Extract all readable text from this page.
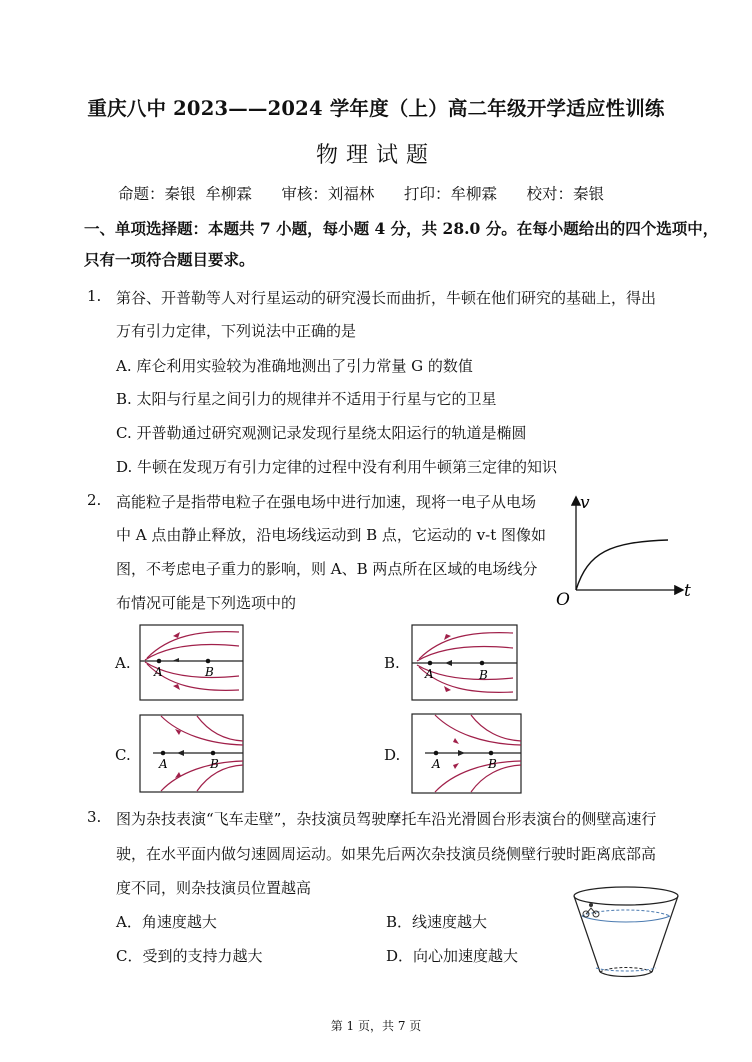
重庆八中 2023——2024 学年度（上）高二年级开学适应性训练
物理试题
命题：秦银  牟柳霖      审核：刘福林      打印：牟柳霖      校对：秦银
一、单项选择题：本题共 7 小题，每小题 4 分，共 28.0 分。在每小题给出的四个选项中，
只有一项符合题目要求。
1. 第谷、开普勒等人对行星运动的研究漫长而曲折，牛顿在他们研究的基础上，得出
万有引力定律，下列说法中正确的是
A. 库仑利用实验较为准确地测出了引力常量 G 的数值
B. 太阳与行星之间引力的规律并不适用于行星与它的卫星
C. 开普勒通过研究观测记录发现行星绕太阳运行的轨道是椭圆
D. 牛顿在发现万有引力定律的过程中没有利用牛顿第三定律的知识
2. 高能粒子是指带电粒子在强电场中进行加速，现将一电子从电场
中 A 点由静止释放，沿电场线运动到 B 点，它运动的 v-t 图像如
图，不考虑电子重力的影响，则 A、B 两点所在区域的电场线分
布情况可能是下列选项中的
v
t
O
A. A	B	B.
A	B
C. A	B	D.	A	B
3. 图为杂技表演“飞车走壁”，杂技演员驾驶摩托车沿光滑圆台形表演台的侧壁高速行
驶，在水平面内做匀速圆周运动。如果先后两次杂技演员绕侧壁行驶时距离底部高
度不同，则杂技演员位置越高
A．角速度越大	B．线速度越大
C．受到的支持力越大	D．向心加速度越大
第 1 页，共 7 页
